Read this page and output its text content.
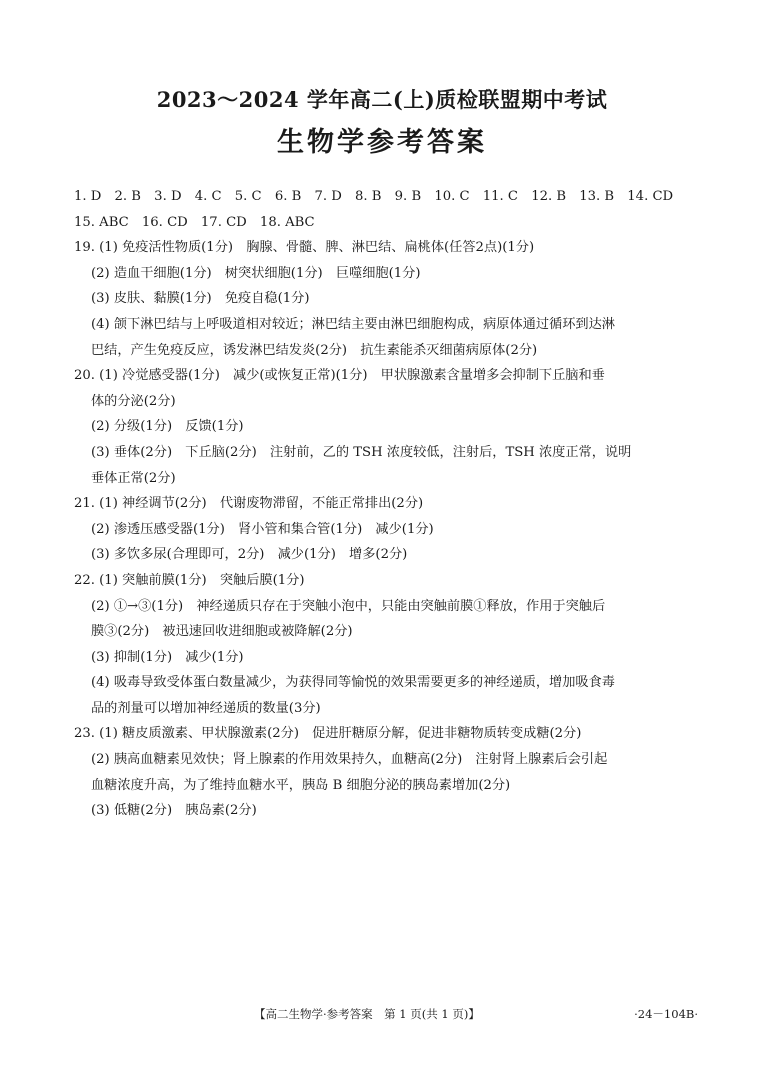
2023～2024 学年高二(上)质检联盟期中考试
生物学参考答案
1. D　2. B　3. D　4. C　5. C　6. B　7. D　8. B　9. B　10. C　11. C　12. B　13. B　14. CD
15. ABC　16. CD　17. CD　18. ABC
19. (1) 免疫活性物质(1分)　胸腺、骨髓、脾、淋巴结、扁桃体(任答2点)(1分)
(2) 造血干细胞(1分)　树突状细胞(1分)　巨噬细胞(1分)
(3) 皮肤、黏膜(1分)　免疫自稳(1分)
(4) 颌下淋巴结与上呼吸道相对较近；淋巴结主要由淋巴细胞构成，病原体通过循环到达淋
巴结，产生免疫反应，诱发淋巴结发炎(2分)　抗生素能杀灭细菌病原体(2分)
20. (1) 冷觉感受器(1分)　减少(或恢复正常)(1分)　甲状腺激素含量增多会抑制下丘脑和垂
体的分泌(2分)
(2) 分级(1分)　反馈(1分)
(3) 垂体(2分)　下丘脑(2分)　注射前，乙的 TSH 浓度较低，注射后，TSH 浓度正常，说明
垂体正常(2分)
21. (1) 神经调节(2分)　代谢废物滞留，不能正常排出(2分)
(2) 渗透压感受器(1分)　肾小管和集合管(1分)　减少(1分)
(3) 多饮多尿(合理即可，2分)　减少(1分)　增多(2分)
22. (1) 突触前膜(1分)　突触后膜(1分)
(2) ①→③(1分)　神经递质只存在于突触小泡中，只能由突触前膜①释放，作用于突触后
膜③(2分)　被迅速回收进细胞或被降解(2分)
(3) 抑制(1分)　减少(1分)
(4) 吸毒导致受体蛋白数量减少，为获得同等愉悦的效果需要更多的神经递质，增加吸食毒
品的剂量可以增加神经递质的数量(3分)
23. (1) 糖皮质激素、甲状腺激素(2分)　促进肝糖原分解，促进非糖物质转变成糖(2分)
(2) 胰高血糖素见效快；肾上腺素的作用效果持久，血糖高(2分)　注射肾上腺素后会引起
血糖浓度升高，为了维持血糖水平，胰岛 B 细胞分泌的胰岛素增加(2分)
(3) 低糖(2分)　胰岛素(2分)
【高二生物学·参考答案　第 1 页(共 1 页)】	·24－104B·
